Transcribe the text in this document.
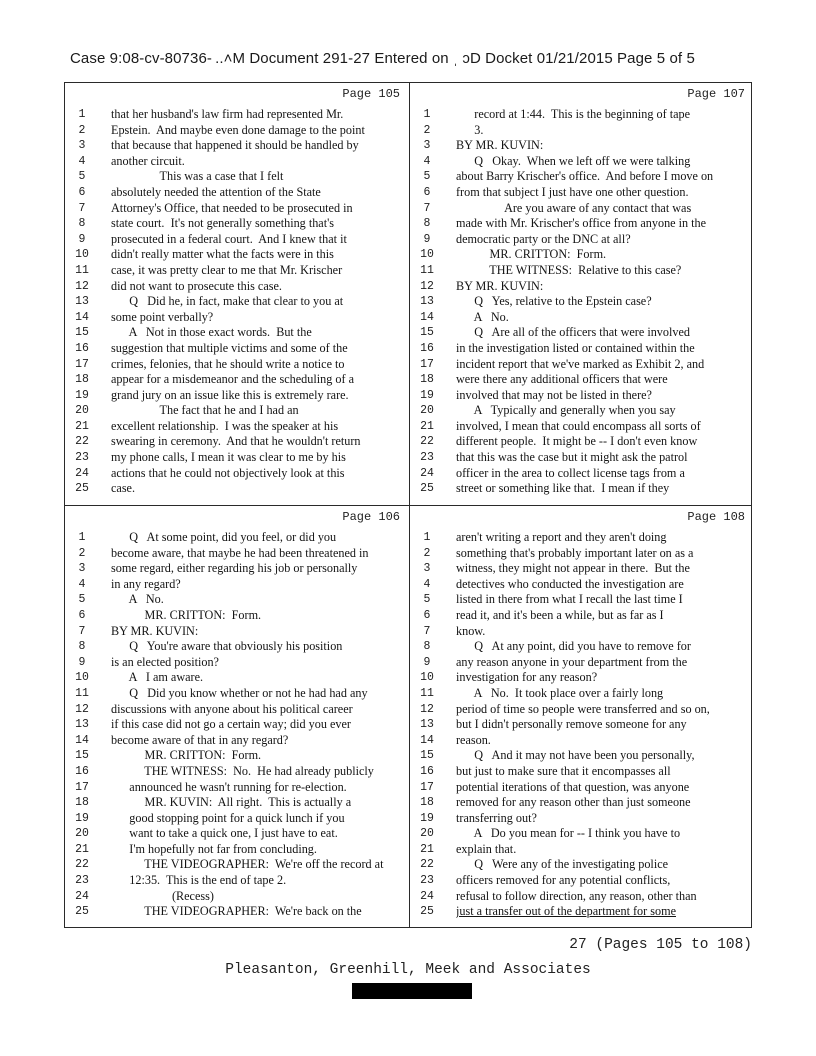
Case 9:08-cv-80736- ..˄M Document 291-27 Entered on ˌ ɔD Docket 01/21/2015 Page 5 of 5
Page 105
1	that her husband's law firm had represented Mr.
2	Epstein.  And maybe even done damage to the point
3	that because that happened it should be handled by
4	another circuit.
5	This was a case that I felt
6	absolutely needed the attention of the State
7	Attorney's Office, that needed to be prosecuted in
8	state court.  It's not generally something that's
9	prosecuted in a federal court.  And I knew that it
10	didn't really matter what the facts were in this
11	case, it was pretty clear to me that Mr. Krischer
12	did not want to prosecute this case.
13	Q   Did he, in fact, make that clear to you at
14	some point verbally?
15	A   Not in those exact words.  But the
16	suggestion that multiple victims and some of the
17	crimes, felonies, that he should write a notice to
18	appear for a misdemeanor and the scheduling of a
19	grand jury on an issue like this is extremely rare.
20	The fact that he and I had an
21	excellent relationship.  I was the speaker at his
22	swearing in ceremony.  And that he wouldn't return
23	my phone calls, I mean it was clear to me by his
24	actions that he could not objectively look at this
25	case.
Page 107
1	record at 1:44.  This is the beginning of tape
2	3.
3	BY MR. KUVIN:
4	Q   Okay.  When we left off we were talking
5	about Barry Krischer's office.  And before I move on
6	from that subject I just have one other question.
7	Are you aware of any contact that was
8	made with Mr. Krischer's office from anyone in the
9	democratic party or the DNC at all?
10	MR. CRITTON:  Form.
11	THE WITNESS:  Relative to this case?
12	BY MR. KUVIN:
13	Q   Yes, relative to the Epstein case?
14	A   No.
15	Q   Are all of the officers that were involved
16	in the investigation listed or contained within the
17	incident report that we've marked as Exhibit 2, and
18	were there any additional officers that were
19	involved that may not be listed in there?
20	A   Typically and generally when you say
21	involved, I mean that could encompass all sorts of
22	different people.  It might be -- I don't even know
23	that this was the case but it might ask the patrol
24	officer in the area to collect license tags from a
25	street or something like that.  I mean if they
Page 106
1	Q   At some point, did you feel, or did you
2	become aware, that maybe he had been threatened in
3	some regard, either regarding his job or personally
4	in any regard?
5	A   No.
6	MR. CRITTON:  Form.
7	BY MR. KUVIN:
8	Q   You're aware that obviously his position
9	is an elected position?
10	A   I am aware.
11	Q   Did you know whether or not he had had any
12	discussions with anyone about his political career
13	if this case did not go a certain way; did you ever
14	become aware of that in any regard?
15	MR. CRITTON:  Form.
16	THE WITNESS:  No.  He had already publicly
17	announced he wasn't running for re-election.
18	MR. KUVIN:  All right.  This is actually a
19	good stopping point for a quick lunch if you
20	want to take a quick one, I just have to eat.
21	I'm hopefully not far from concluding.
22	THE VIDEOGRAPHER:  We're off the record at
23	12:35.  This is the end of tape 2.
24	(Recess)
25	THE VIDEOGRAPHER:  We're back on the
Page 108
1	aren't writing a report and they aren't doing
2	something that's probably important later on as a
3	witness, they might not appear in there.  But the
4	detectives who conducted the investigation are
5	listed in there from what I recall the last time I
6	read it, and it's been a while, but as far as I
7	know.
8	Q   At any point, did you have to remove for
9	any reason anyone in your department from the
10	investigation for any reason?
11	A   No.  It took place over a fairly long
12	period of time so people were transferred and so on,
13	but I didn't personally remove someone for any
14	reason.
15	Q   And it may not have been you personally,
16	but just to make sure that it encompasses all
17	potential iterations of that question, was anyone
18	removed for any reason other than just someone
19	transferring out?
20	A   Do you mean for -- I think you have to
21	explain that.
22	Q   Were any of the investigating police
23	officers removed for any potential conflicts,
24	refusal to follow direction, any reason, other than
25	just a transfer out of the department for some
27 (Pages 105 to 108)
Pleasanton, Greenhill, Meek and Associates
